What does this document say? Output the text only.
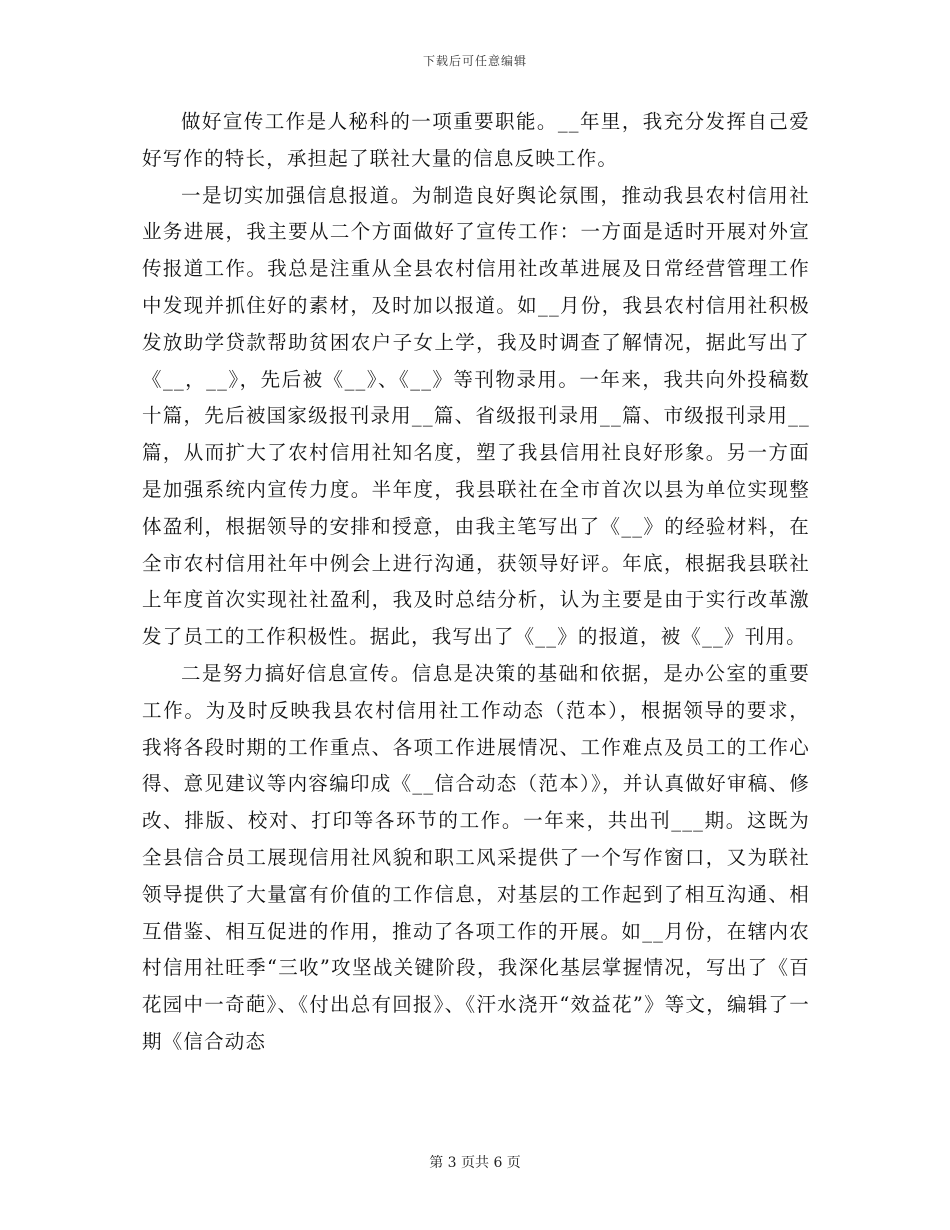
下载后可任意编辑

做好宣传工作是人秘科的一项重要职能。__年里，我充分发挥自己爱好写作的特长，承担起了联社大量的信息反映工作。

一是切实加强信息报道。为制造良好舆论氛围，推动我县农村信用社业务进展，我主要从二个方面做好了宣传工作：一方面是适时开展对外宣传报道工作。我总是注重从全县农村信用社改革进展及日常经营管理工作中发现并抓住好的素材，及时加以报道。如__月份，我县农村信用社积极发放助学贷款帮助贫困农户子女上学，我及时调查了解情况，据此写出了《__，__》，先后被《__》、《__》等刊物录用。一年来，我共向外投稿数十篇，先后被国家级报刊录用__篇、省级报刊录用__篇、市级报刊录用__篇，从而扩大了农村信用社知名度，塑了我县信用社良好形象。另一方面是加强系统内宣传力度。半年度，我县联社在全市首次以县为单位实现整体盈利，根据领导的安排和授意，由我主笔写出了《__》的经验材料，在全市农村信用社年中例会上进行沟通，获领导好评。年底，根据我县联社上年度首次实现社社盈利，我及时总结分析，认为主要是由于实行改革激发了员工的工作积极性。据此，我写出了《__》的报道，被《__》刊用。

二是努力搞好信息宣传。信息是决策的基础和依据，是办公室的重要工作。为及时反映我县农村信用社工作动态（范本），根据领导的要求，我将各段时期的工作重点、各项工作进展情况、工作难点及员工的工作心得、意见建议等内容编印成《__信合动态（范本）》，并认真做好审稿、修改、排版、校对、打印等各环节的工作。一年来，共出刊___期。这既为全县信合员工展现信用社风貌和职工风采提供了一个写作窗口，又为联社领导提供了大量富有价值的工作信息，对基层的工作起到了相互沟通、相互借鉴、相互促进的作用，推动了各项工作的开展。如__月份，在辖内农村信用社旺季“三收”攻坚战关键阶段，我深化基层掌握情况，写出了《百花园中一奇葩》、《付出总有回报》、《汗水浇开“效益花”》等文，编辑了一期《信合动态

第 3 页共 6 页
